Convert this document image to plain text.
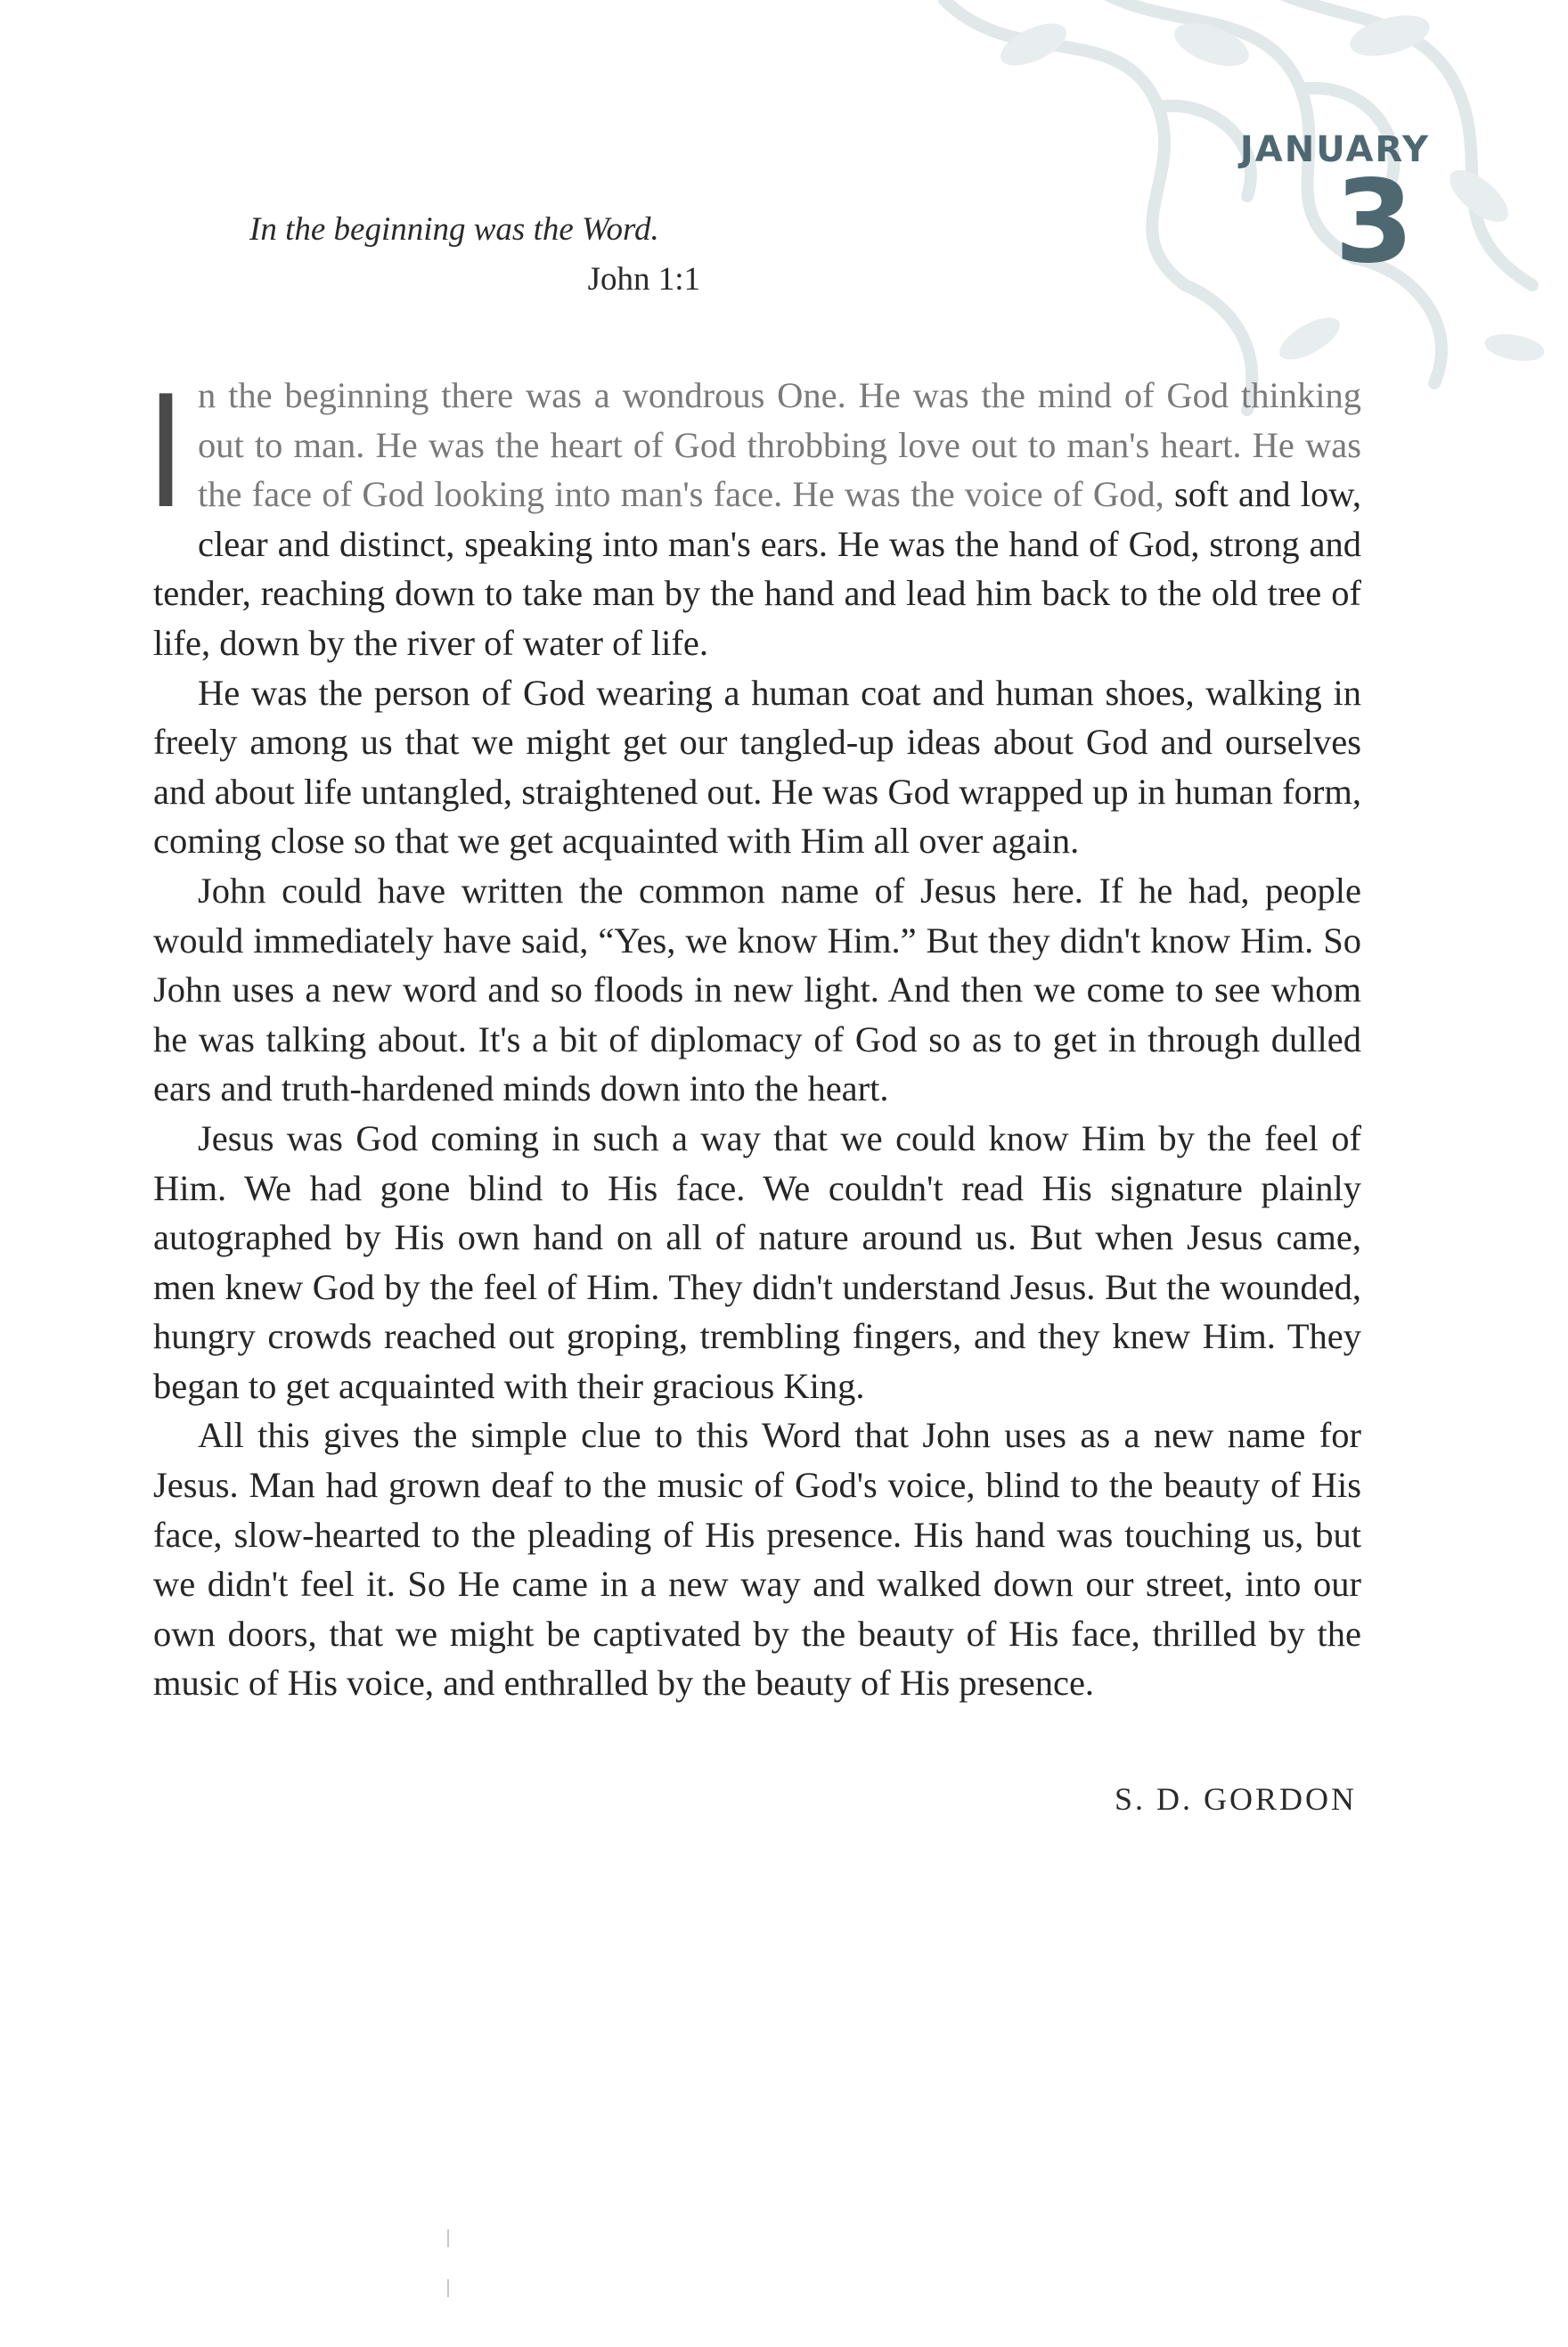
JANUARY
3
In the beginning was the Word.
John 1:1

In the beginning there was a wondrous One. He was the mind of God thinking out to man. He was the heart of God throbbing love out to man's heart. He was the face of God looking into man's face. He was the voice of God, soft and low, clear and distinct, speaking into man's ears. He was the hand of God, strong and tender, reaching down to take man by the hand and lead him back to the old tree of life, down by the river of water of life.

He was the person of God wearing a human coat and human shoes, walking in freely among us that we might get our tangled-up ideas about God and ourselves and about life untangled, straightened out. He was God wrapped up in human form, coming close so that we get acquainted with Him all over again.

John could have written the common name of Jesus here. If he had, people would immediately have said, “Yes, we know Him.” But they didn't know Him. So John uses a new word and so floods in new light. And then we come to see whom he was talking about. It's a bit of diplomacy of God so as to get in through dulled ears and truth-hardened minds down into the heart.

Jesus was God coming in such a way that we could know Him by the feel of Him. We had gone blind to His face. We couldn't read His signature plainly autographed by His own hand on all of nature around us. But when Jesus came, men knew God by the feel of Him. They didn't understand Jesus. But the wounded, hungry crowds reached out groping, trembling fingers, and they knew Him. They began to get acquainted with their gracious King.

All this gives the simple clue to this Word that John uses as a new name for Jesus. Man had grown deaf to the music of God's voice, blind to the beauty of His face, slow-hearted to the pleading of His presence. His hand was touching us, but we didn't feel it. So He came in a new way and walked down our street, into our own doors, that we might be captivated by the beauty of His face, thrilled by the music of His voice, and enthralled by the beauty of His presence.

S. D. GORDON
